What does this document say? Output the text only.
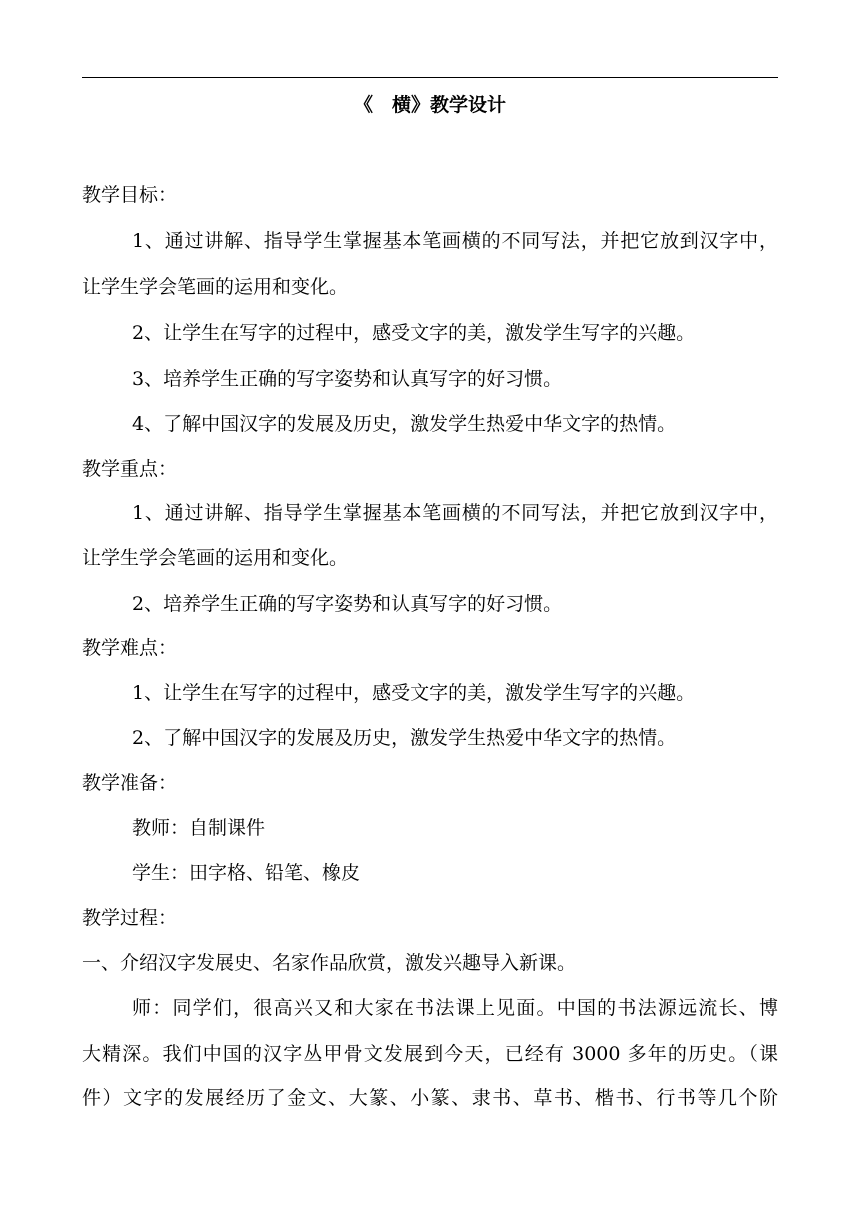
《　横》教学设计
教学目标：
1、通过讲解、指导学生掌握基本笔画横的不同写法，并把它放到汉字中，
让学生学会笔画的运用和变化。
2、让学生在写字的过程中，感受文字的美，激发学生写字的兴趣。
3、培养学生正确的写字姿势和认真写字的好习惯。
4、了解中国汉字的发展及历史，激发学生热爱中华文字的热情。
教学重点：
1、通过讲解、指导学生掌握基本笔画横的不同写法，并把它放到汉字中，
让学生学会笔画的运用和变化。
2、培养学生正确的写字姿势和认真写字的好习惯。
教学难点：
1、让学生在写字的过程中，感受文字的美，激发学生写字的兴趣。
2、了解中国汉字的发展及历史，激发学生热爱中华文字的热情。
教学准备：
教师：自制课件
学生：田字格、铅笔、橡皮
教学过程：
一、介绍汉字发展史、名家作品欣赏，激发兴趣导入新课。
师：同学们，很高兴又和大家在书法课上见面。中国的书法源远流长、博
大精深。我们中国的汉字丛甲骨文发展到今天，已经有 3000 多年的历史。（课
件）文字的发展经历了金文、大篆、小篆、隶书、草书、楷书、行书等几个阶
